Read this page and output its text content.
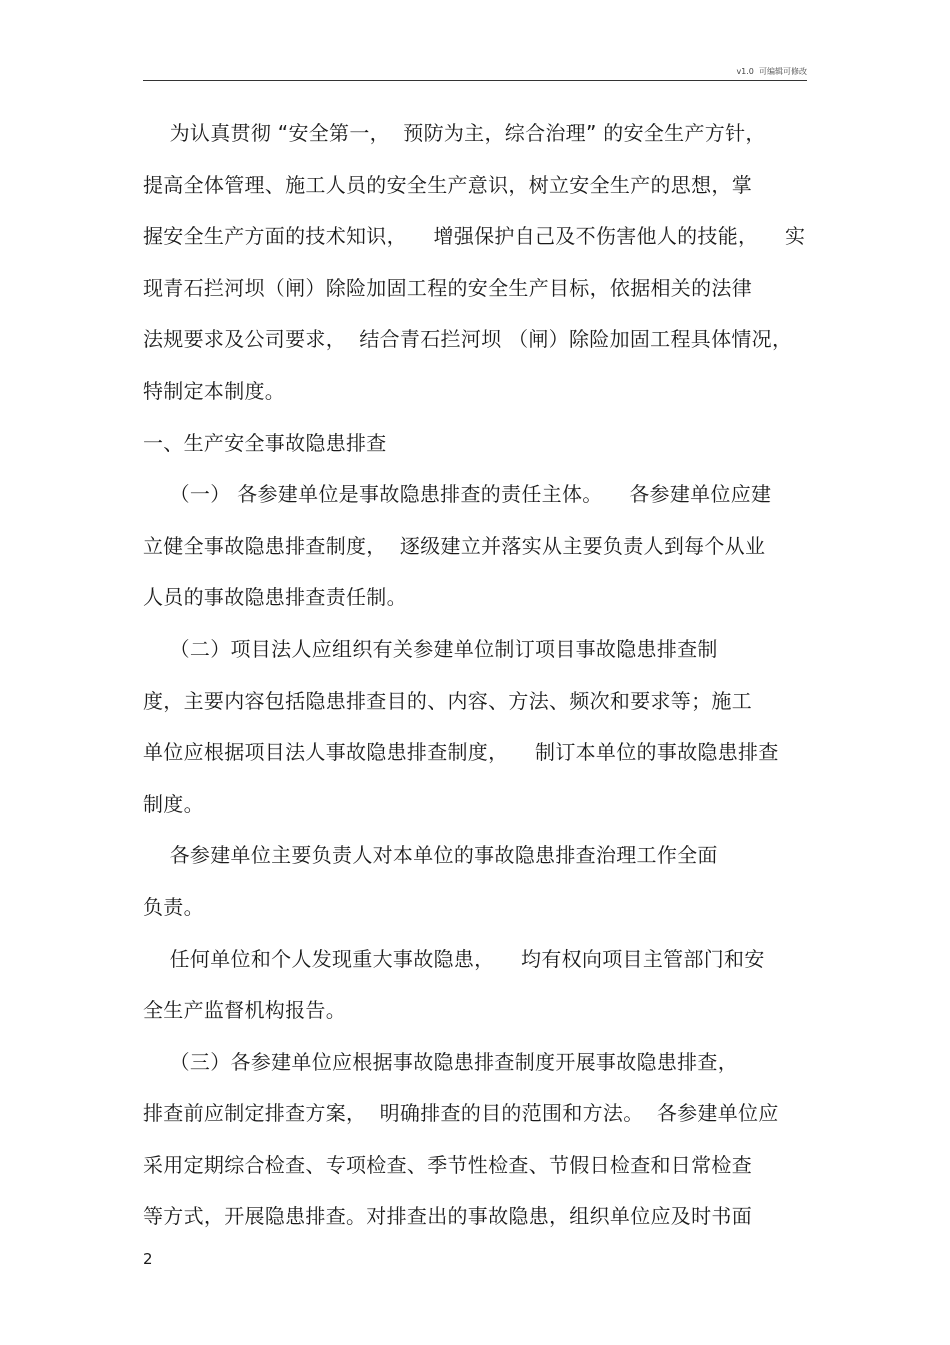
v1.0 可编辑可修改
为认真贯彻 “安全第一，  预防为主，综合治理” 的安全生产方针，
提高全体管理、施工人员的安全生产意识，树立安全生产的思想，掌
握安全生产方面的技术知识，    增强保护自己及不伤害他人的技能，    实
现青石拦河坝（闸）除险加固工程的安全生产目标，依据相关的法律
法规要求及公司要求，  结合青石拦河坝 （闸）除险加固工程具体情况，
特制定本制度。
一、生产安全事故隐患排查
（一） 各参建单位是事故隐患排查的责任主体。    各参建单位应建
立健全事故隐患排查制度，  逐级建立并落实从主要负责人到每个从业
人员的事故隐患排查责任制。
（二）项目法人应组织有关参建单位制订项目事故隐患排查制
度，主要内容包括隐患排查目的、内容、方法、频次和要求等；施工
单位应根据项目法人事故隐患排查制度，    制订本单位的事故隐患排查
制度。
各参建单位主要负责人对本单位的事故隐患排查治理工作全面
负责。
任何单位和个人发现重大事故隐患，    均有权向项目主管部门和安
全生产监督机构报告。
（三）各参建单位应根据事故隐患排查制度开展事故隐患排查，
排查前应制定排查方案，  明确排查的目的范围和方法。  各参建单位应
采用定期综合检查、专项检查、季节性检查、节假日检查和日常检查
等方式，开展隐患排查。对排查出的事故隐患，组织单位应及时书面
2
